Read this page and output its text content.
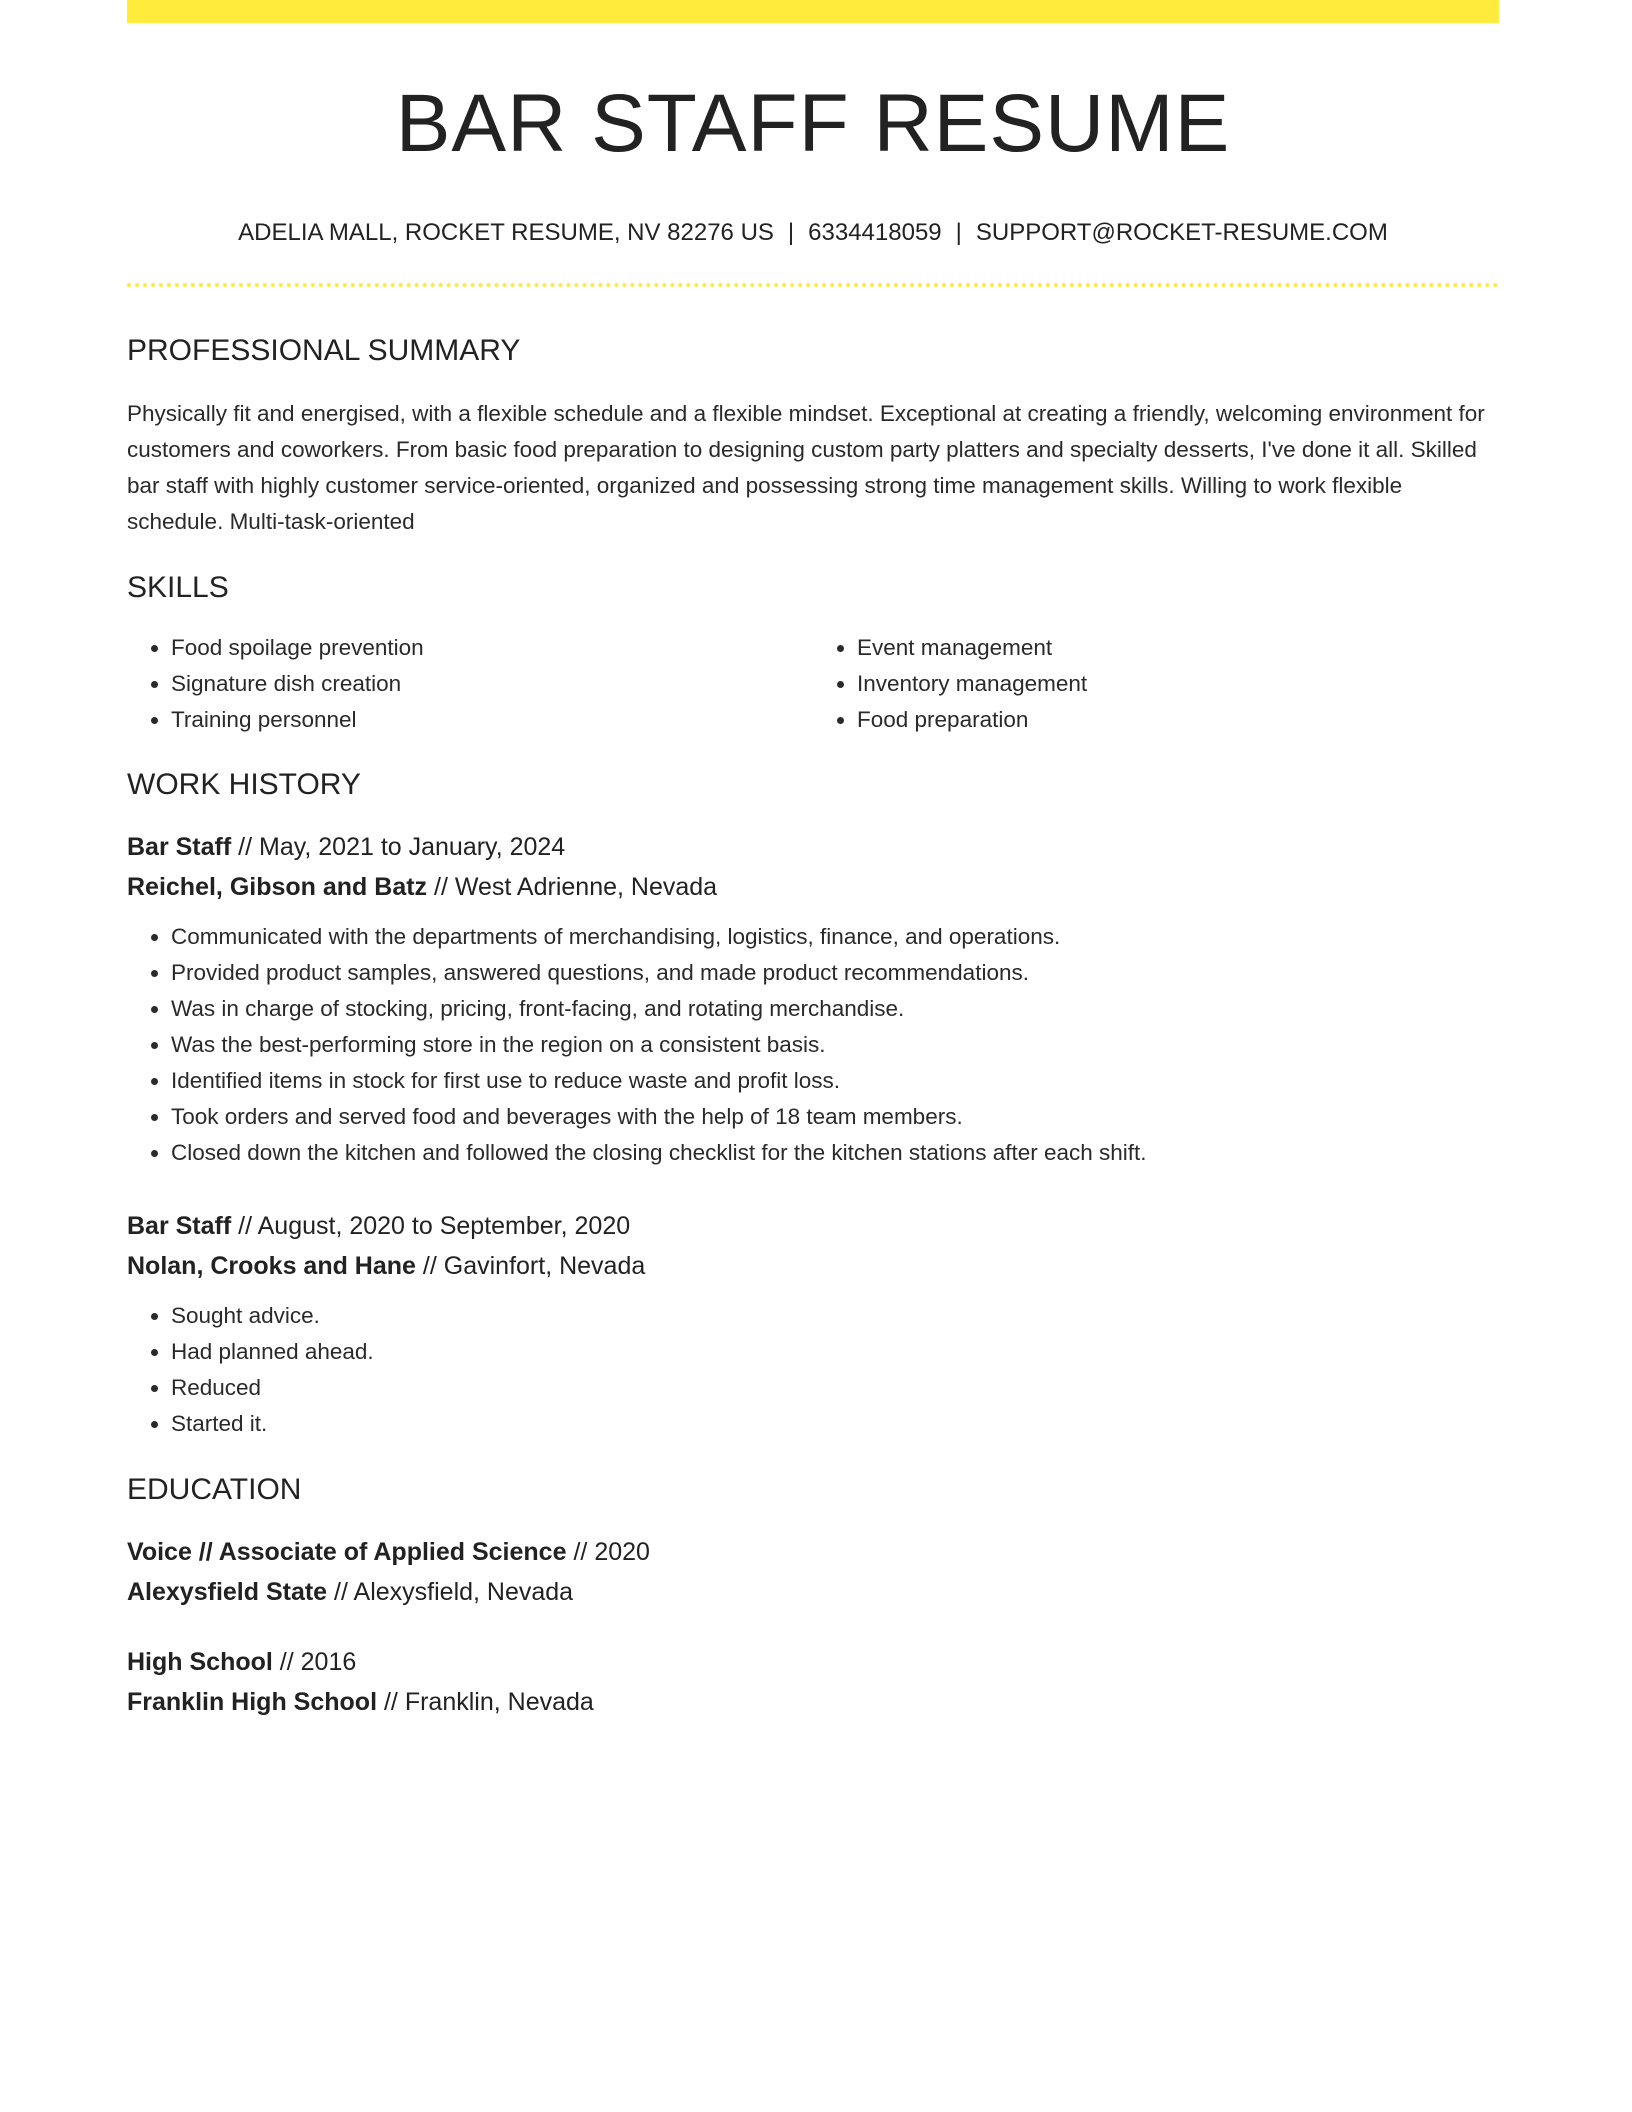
BAR STAFF RESUME
ADELIA MALL, ROCKET RESUME, NV 82276 US | 6334418059 | SUPPORT@ROCKET-RESUME.COM
PROFESSIONAL SUMMARY

Physically fit and energised, with a flexible schedule and a flexible mindset. Exceptional at creating a friendly, welcoming environment for customers and coworkers. From basic food preparation to designing custom party platters and specialty desserts, I've done it all. Skilled bar staff with highly customer service-oriented, organized and possessing strong time management skills. Willing to work flexible schedule. Multi-task-oriented

SKILLS
• Food spoilage prevention
• Signature dish creation
• Training personnel
• Event management
• Inventory management
• Food preparation
WORK HISTORY
Bar Staff // May, 2021 to January, 2024
Reichel, Gibson and Batz // West Adrienne, Nevada
• Communicated with the departments of merchandising, logistics, finance, and operations.
• Provided product samples, answered questions, and made product recommendations.
• Was in charge of stocking, pricing, front-facing, and rotating merchandise.
• Was the best-performing store in the region on a consistent basis.
• Identified items in stock for first use to reduce waste and profit loss.
• Took orders and served food and beverages with the help of 18 team members.
• Closed down the kitchen and followed the closing checklist for the kitchen stations after each shift.
Bar Staff // August, 2020 to September, 2020
Nolan, Crooks and Hane // Gavinfort, Nevada
• Sought advice.
• Had planned ahead.
• Reduced
• Started it.
EDUCATION
Voice // Associate of Applied Science // 2020
Alexysfield State // Alexysfield, Nevada
High School // 2016
Franklin High School // Franklin, Nevada
